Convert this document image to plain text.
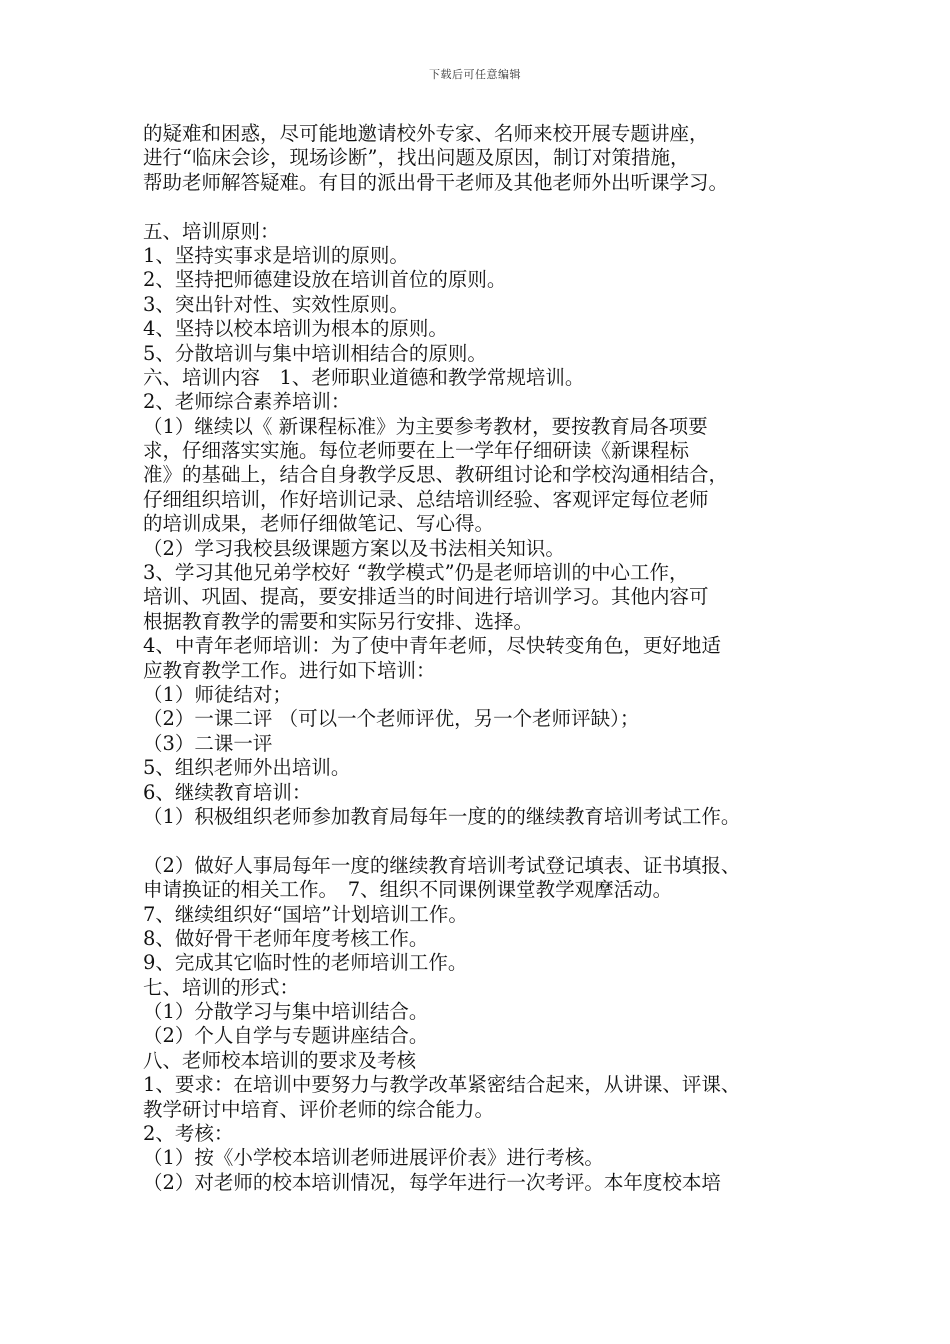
下载后可任意编辑
的疑难和困惑，尽可能地邀请校外专家、名师来校开展专题讲座，
进行“临床会诊，现场诊断”，找出问题及原因，制订对策措施，
帮助老师解答疑难。有目的派出骨干老师及其他老师外出听课学习。
五、培训原则：
1、坚持实事求是培训的原则。
2、坚持把师德建设放在培训首位的原则。
3、突出针对性、实效性原则。
4、坚持以校本培训为根本的原则。
5、分散培训与集中培训相结合的原则。
六、培训内容　1、老师职业道德和教学常规培训。
2、老师综合素养培训：
（1）继续以《 新课程标准》为主要参考教材，要按教育局各项要
求，仔细落实实施。每位老师要在上一学年仔细研读《新课程标
准》的基础上，结合自身教学反思、教研组讨论和学校沟通相结合，
仔细组织培训，作好培训记录、总结培训经验、客观评定每位老师
的培训成果，老师仔细做笔记、写心得。
（2）学习我校县级课题方案以及书法相关知识。
3、学习其他兄弟学校好 “教学模式”仍是老师培训的中心工作，
培训、巩固、提高，要安排适当的时间进行培训学习。其他内容可
根据教育教学的需要和实际另行安排、选择。
4、中青年老师培训：为了使中青年老师，尽快转变角色，更好地适
应教育教学工作。进行如下培训：
（1）师徒结对；
（2）一课二评 （可以一个老师评优，另一个老师评缺）；
（3）二课一评
5、组织老师外出培训。
6、继续教育培训：
（1）积极组织老师参加教育局每年一度的的继续教育培训考试工作。
（2）做好人事局每年一度的继续教育培训考试登记填表、证书填报、
申请换证的相关工作。　7、组织不同课例课堂教学观摩活动。
7、继续组织好“国培”计划培训工作。
8、做好骨干老师年度考核工作。
9、完成其它临时性的老师培训工作。
七、培训的形式：
（1）分散学习与集中培训结合。
（2）个人自学与专题讲座结合。
八、老师校本培训的要求及考核
1、要求：在培训中要努力与教学改革紧密结合起来，从讲课、评课、
教学研讨中培育、评价老师的综合能力。
2、考核：
（1）按《小学校本培训老师进展评价表》进行考核。
（2）对老师的校本培训情况，每学年进行一次考评。本年度校本培
